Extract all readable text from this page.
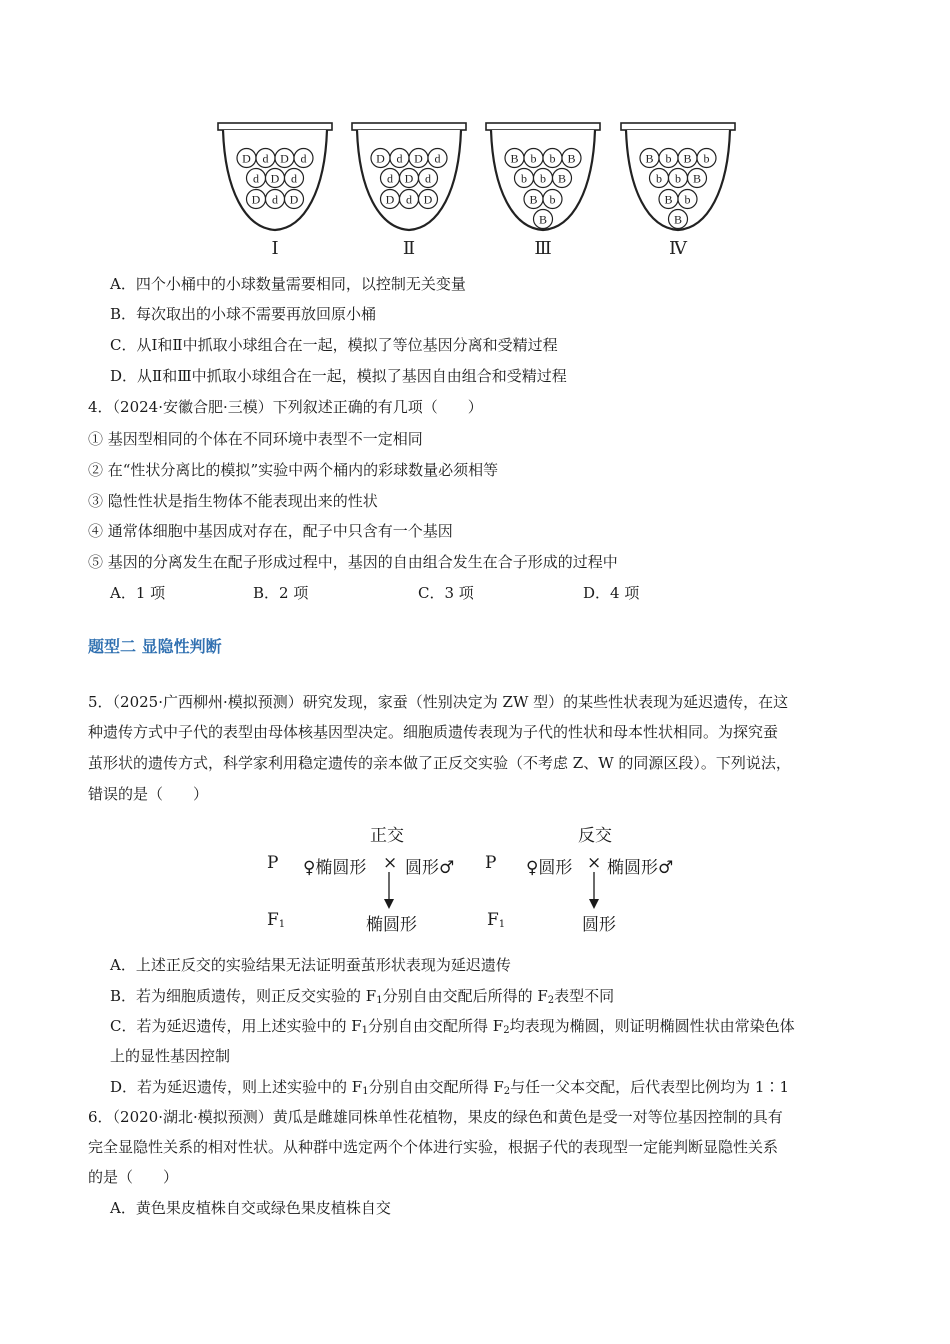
D d D d
d D d
D d D
Ⅰ
D d D d
d D d
D d D
Ⅱ
B b b B
b b B
B b
B
Ⅲ
B b B b
b b B
B b
B
Ⅳ
A．四个小桶中的小球数量需要相同，以控制无关变量
B．每次取出的小球不需要再放回原小桶
C．从Ⅰ和Ⅱ中抓取小球组合在一起，模拟了等位基因分离和受精过程
D．从Ⅱ和Ⅲ中抓取小球组合在一起，模拟了基因自由组合和受精过程
4．（2024·安徽合肥·三模）下列叙述正确的有几项（　　）
① 基因型相同的个体在不同环境中表型不一定相同
② 在“性状分离比的模拟”实验中两个桶内的彩球数量必须相等
③ 隐性性状是指生物体不能表现出来的性状
④ 通常体细胞中基因成对存在，配子中只含有一个基因
⑤ 基因的分离发生在配子形成过程中，基因的自由组合发生在合子形成的过程中
A．1 项	B．2 项	C．3 项	D．4 项
题型二 显隐性判断
5．（2025·广西柳州·模拟预测）研究发现，家蚕（性别决定为 ZW 型）的某些性状表现为延迟遗传，在这
种遗传方式中子代的表型由母体核基因型决定。细胞质遗传表现为子代的性状和母本性状相同。为探究蚕
茧形状的遗传方式，科学家利用稳定遗传的亲本做了正反交实验（不考虑 Z、W 的同源区段）。下列说法，
错误的是（　　）
正交	反交
P ♀椭圆形 × 圆形♂ P ♀圆形 × 椭圆形♂
$F_1$	椭圆形	$F_1$	圆形
A．上述正反交的实验结果无法证明蚕茧形状表现为延迟遗传
B．若为细胞质遗传，则正反交实验的 $F_1$分别自由交配后所得的 $F_2$表型不同
C．若为延迟遗传，用上述实验中的 $F_1$分别自由交配所得 $F_2$均表现为椭圆，则证明椭圆性状由常染色体
上的显性基因控制
D．若为延迟遗传，则上述实验中的 $F_1$分别自由交配所得 $F_2$与任一父本交配，后代表型比例均为 1∶1
6．（2020·湖北·模拟预测）黄瓜是雌雄同株单性花植物，果皮的绿色和黄色是受一对等位基因控制的具有
完全显隐性关系的相对性状。从种群中选定两个个体进行实验，根据子代的表现型一定能判断显隐性关系
的是（　　）
A．黄色果皮植株自交或绿色果皮植株自交
